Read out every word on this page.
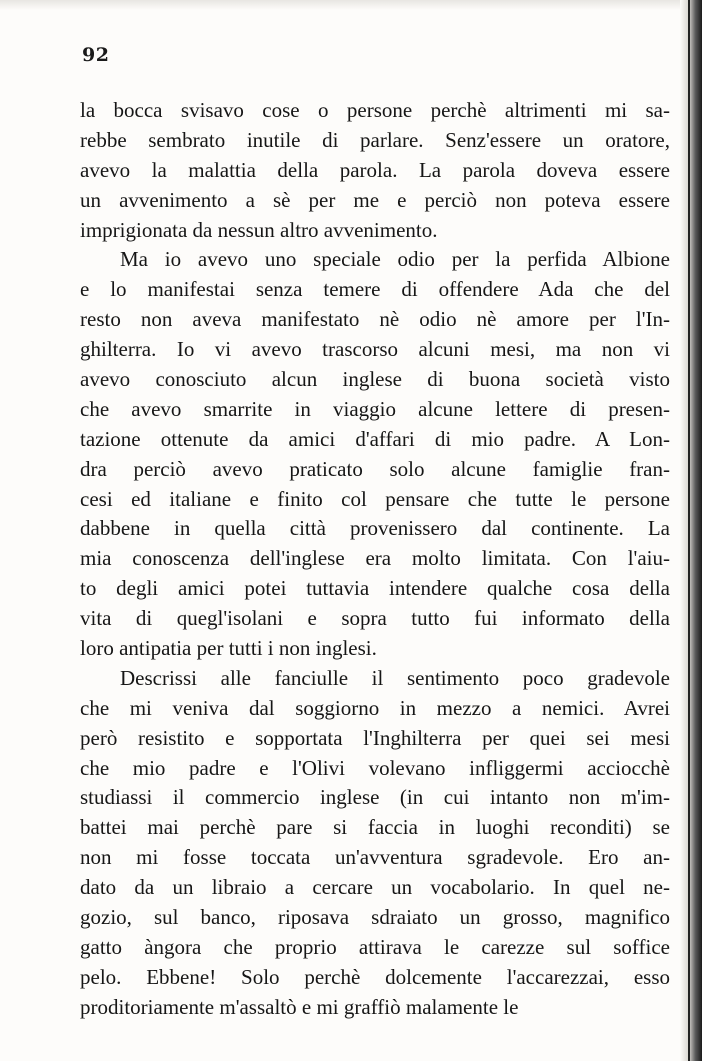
92
la bocca svisavo cose o persone perchè altrimenti mi sa-
rebbe sembrato inutile di parlare. Senz'essere un oratore,
avevo la malattia della parola. La parola doveva essere
un avvenimento a sè per me e perciò non poteva essere
imprigionata da nessun altro avvenimento.
Ma io avevo uno speciale odio per la perfida Albione
e lo manifestai senza temere di offendere Ada che del
resto non aveva manifestato nè odio nè amore per l'In-
ghilterra. Io vi avevo trascorso alcuni mesi, ma non vi
avevo conosciuto alcun inglese di buona società visto
che avevo smarrite in viaggio alcune lettere di presen-
tazione ottenute da amici d'affari di mio padre. A Lon-
dra perciò avevo praticato solo alcune famiglie fran-
cesi ed italiane e finito col pensare che tutte le persone
dabbene in quella città provenissero dal continente. La
mia conoscenza dell'inglese era molto limitata. Con l'aiu-
to degli amici potei tuttavia intendere qualche cosa della
vita di quegl'isolani e sopra tutto fui informato della
loro antipatia per tutti i non inglesi.
Descrissi alle fanciulle il sentimento poco gradevole
che mi veniva dal soggiorno in mezzo a nemici. Avrei
però resistito e sopportata l'Inghilterra per quei sei mesi
che mio padre e l'Olivi volevano infliggermi acciocchè
studiassi il commercio inglese (in cui intanto non m'im-
battei mai perchè pare si faccia in luoghi reconditi) se
non mi fosse toccata un'avventura sgradevole. Ero an-
dato da un libraio a cercare un vocabolario. In quel ne-
gozio, sul banco, riposava sdraiato un grosso, magnifico
gatto àngora che proprio attirava le carezze sul soffice
pelo. Ebbene! Solo perchè dolcemente l'accarezzai, esso
proditoriamente m'assaltò e mi graffiò malamente le
